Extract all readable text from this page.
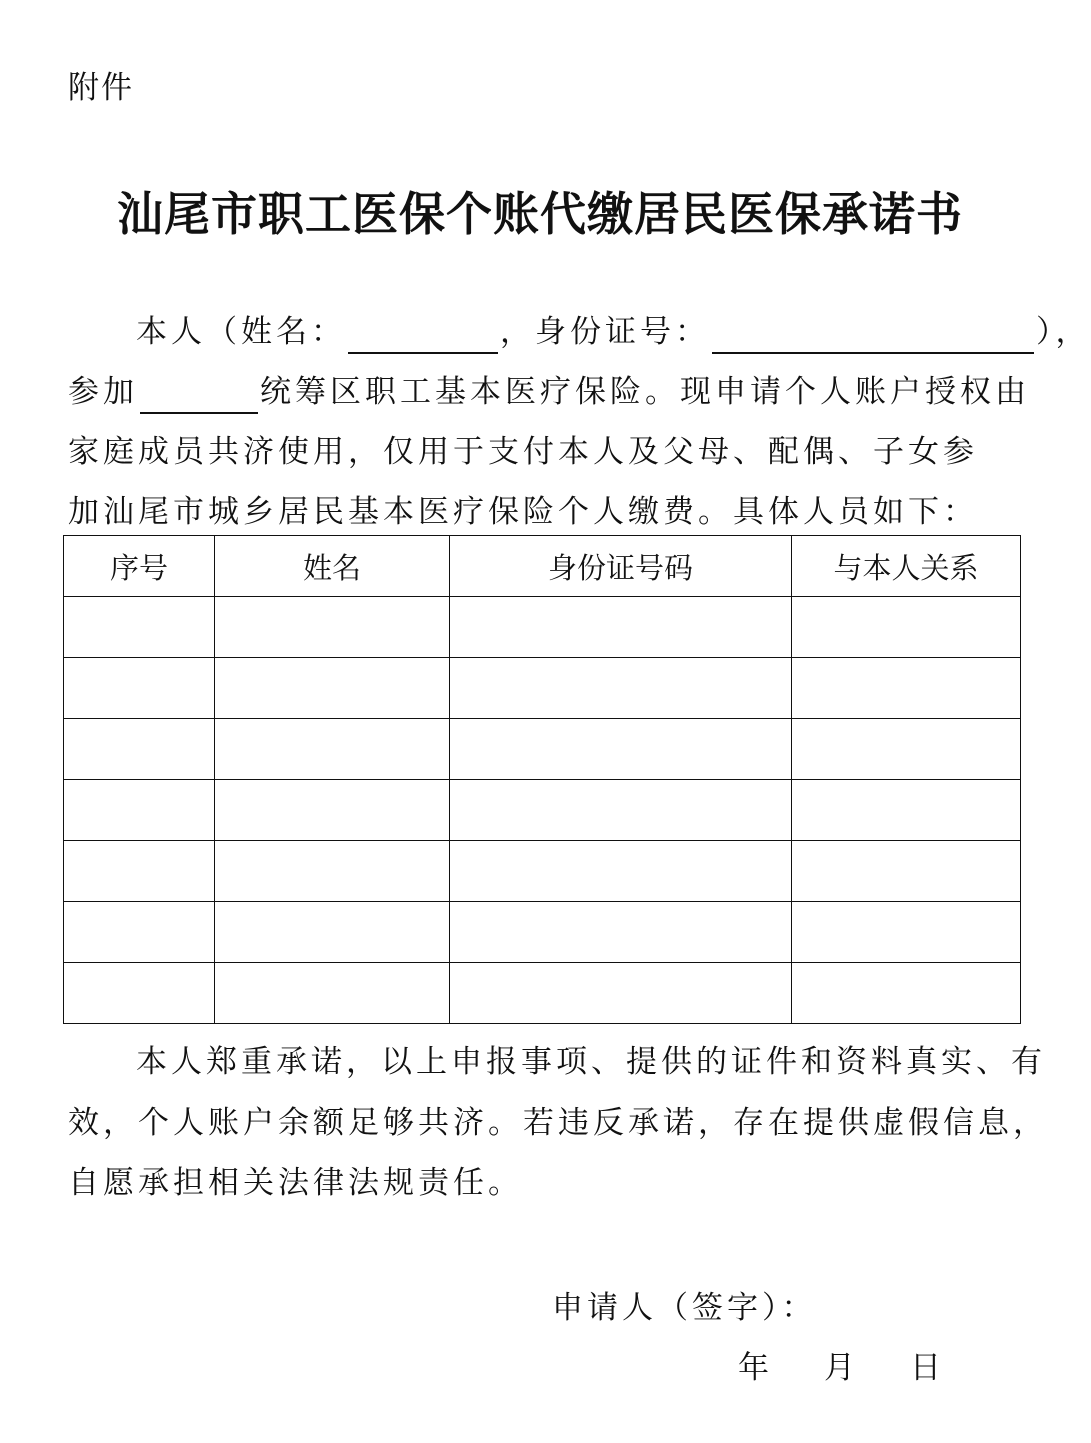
附件
汕尾市职工医保个账代缴居民医保承诺书
本人（姓名：	，身份证号：	），
参加	统筹区职工基本医疗保险。现申请个人账户授权由
家庭成员共济使用，仅用于支付本人及父母、配偶、子女参
加汕尾市城乡居民基本医疗保险个人缴费。具体人员如下：
序号	姓名	身份证号码	与本人关系

本人郑重承诺，以上申报事项、提供的证件和资料真实、有
效，个人账户余额足够共济。若违反承诺，存在提供虚假信息，
自愿承担相关法律法规责任。
申请人（签字）：
年 月 日
